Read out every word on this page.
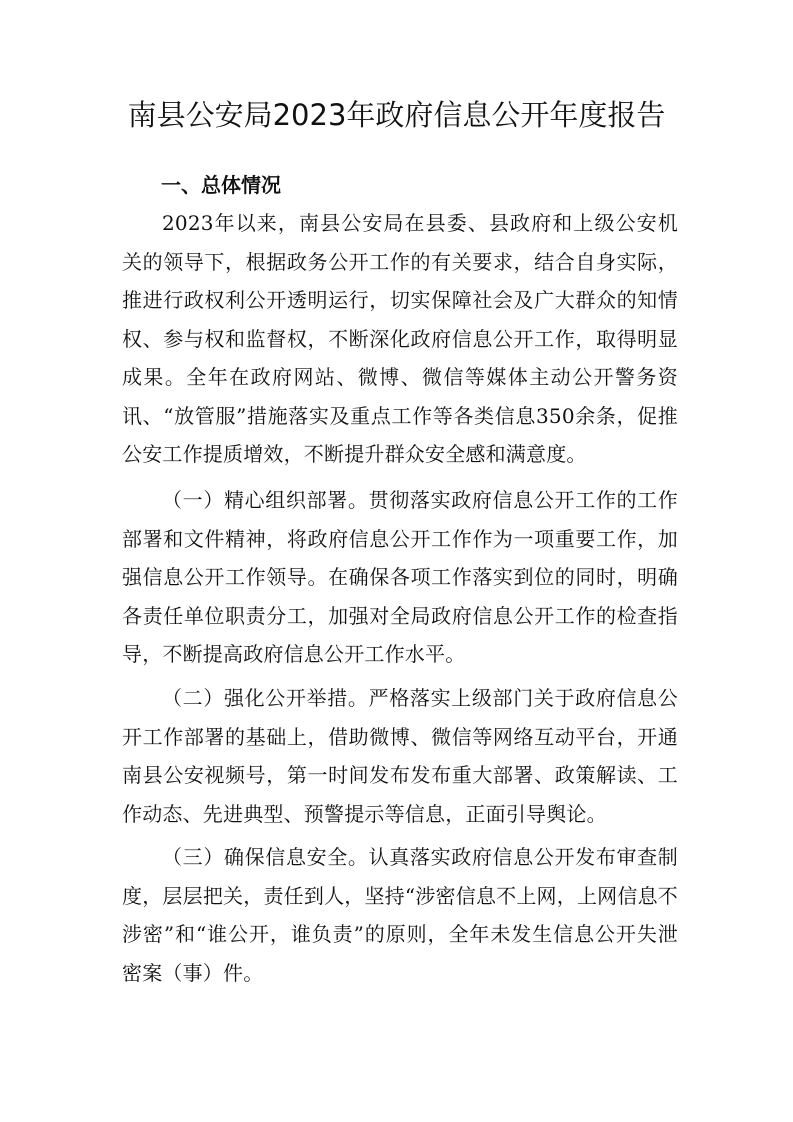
南县公安局2023年政府信息公开年度报告
一、总体情况
2023年以来，南县公安局在县委、县政府和上级公安机关的领导下，根据政务公开工作的有关要求，结合自身实际，推进行政权利公开透明运行，切实保障社会及广大群众的知情权、参与权和监督权，不断深化政府信息公开工作，取得明显成果。全年在政府网站、微博、微信等媒体主动公开警务资讯、“放管服”措施落实及重点工作等各类信息350余条，促推公安工作提质增效，不断提升群众安全感和满意度。
（一）精心组织部署。贯彻落实政府信息公开工作的工作部署和文件精神，将政府信息公开工作作为一项重要工作，加强信息公开工作领导。在确保各项工作落实到位的同时，明确各责任单位职责分工，加强对全局政府信息公开工作的检查指导，不断提高政府信息公开工作水平。
（二）强化公开举措。严格落实上级部门关于政府信息公开工作部署的基础上，借助微博、微信等网络互动平台，开通南县公安视频号，第一时间发布发布重大部署、政策解读、工作动态、先进典型、预警提示等信息，正面引导舆论。
（三）确保信息安全。认真落实政府信息公开发布审查制度，层层把关，责任到人，坚持“涉密信息不上网，上网信息不涉密”和“谁公开，谁负责”的原则，全年未发生信息公开失泄密案（事）件。
